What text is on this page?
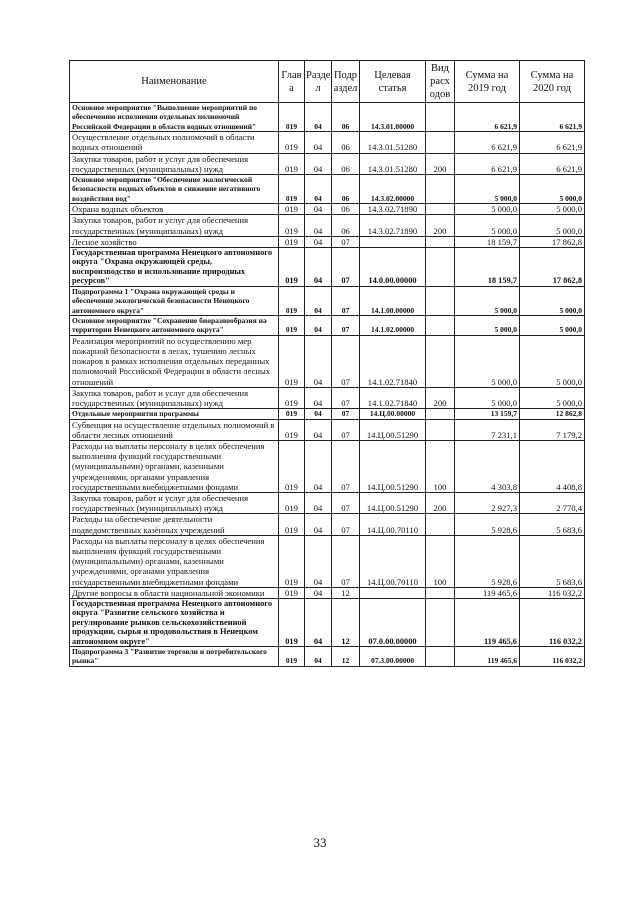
Наименование	Глав а	Разде л	Подр аздел	Целевая статья	Вид расх одов	Сумма на 2019 год	Сумма на 2020 год
Основное мероприятие "Выполнение мероприятий по обеспечению исполнения отдельных полномочий Российской Федерации в области водных отношений"	019	04	06	14.3.01.00000		6 621,9	6 621,9
Осуществление отдельных полномочий в области водных отношений	019	04	06	14.3.01.51280		6 621,9	6 621,9
Закупка товаров, работ и услуг для обеспечения государственных (муниципальных) нужд	019	04	06	14.3.01.51280	200	6 621,9	6 621,9
Основное мероприятие "Обеспечение экологической безопасности водных объектов и снижение негативного воздействия вод"	019	04	06	14.3.02.00000		5 000,0	5 000,0
Охрана водных объектов	019	04	06	14.3.02.71890		5 000,0	5 000,0
Закупка товаров, работ и услуг для обеспечения государственных (муниципальных) нужд	019	04	06	14.3.02.71890	200	5 000,0	5 000,0
Лесное хозяйство	019	04	07			18 159,7	17 862,8
Государственная программа Ненецкого автономного округа "Охрана окружающей среды, воспроизводство и использование природных ресурсов"	019	04	07	14.0.00.00000		18 159,7	17 862,8
Подпрограмма 1 "Охрана окружающей среды и обеспечение экологической безопасности Ненецкого автономного округа"	019	04	07	14.1.00.00000		5 000,0	5 000,0
Основное мероприятие "Сохранение биоразнообразия на территории Ненецкого автономного округа"	019	04	07	14.1.02.00000		5 000,0	5 000,0
Реализация мероприятий по осуществлению мер пожарной безопасности в лесах, тушению лесных пожаров в рамках исполнения отдельных переданных полномочий Российской Федерации в области лесных отношений	019	04	07	14.1.02.71840		5 000,0	5 000,0
Закупка товаров, работ и услуг для обеспечения государственных (муниципальных) нужд	019	04	07	14.1.02.71840	200	5 000,0	5 000,0
Отдельные мероприятия программы	019	04	07	14.Ц.00.00000		13 159,7	12 862,8
Субвенция на осуществление отдельных полномочий в области лесных отношений	019	04	07	14.Ц.00.51290		7 231,1	7 179,2
Расходы на выплаты персоналу в целях обеспечения выполнения функций государственными (муниципальными) органами, казенными учреждениями, органами управления государственными внебюджетными фондами	019	04	07	14.Ц.00.51290	100	4 303,8	4 408,8
Закупка товаров, работ и услуг для обеспечения государственных (муниципальных) нужд	019	04	07	14.Ц.00.51290	200	2 927,3	2 770,4
Расходы на обеспечение деятельности подведомственных казённых учреждений	019	04	07	14.Ц.00.70110		5 928,6	5 683,6
Расходы на выплаты персоналу в целях обеспечения выполнения функций государственными (муниципальными) органами, казенными учреждениями, органами управления государственными внебюджетными фондами	019	04	07	14.Ц.00.70110	100	5 928,6	5 683,6
Другие вопросы в области национальной экономики	019	04	12			119 465,6	116 032,2
Государственная программа Ненецкого автономного округа "Развитие сельского хозяйства и регулирование рынков сельскохозяйственной продукции, сырья и продовольствия в Ненецком автономном округе"	019	04	12	07.0.00.00000		119 465,6	116 032,2
Подпрограмма 3 "Развитие торговли и потребительского рынка"	019	04	12	07.3.00.00000		119 465,6	116 032,2
33
